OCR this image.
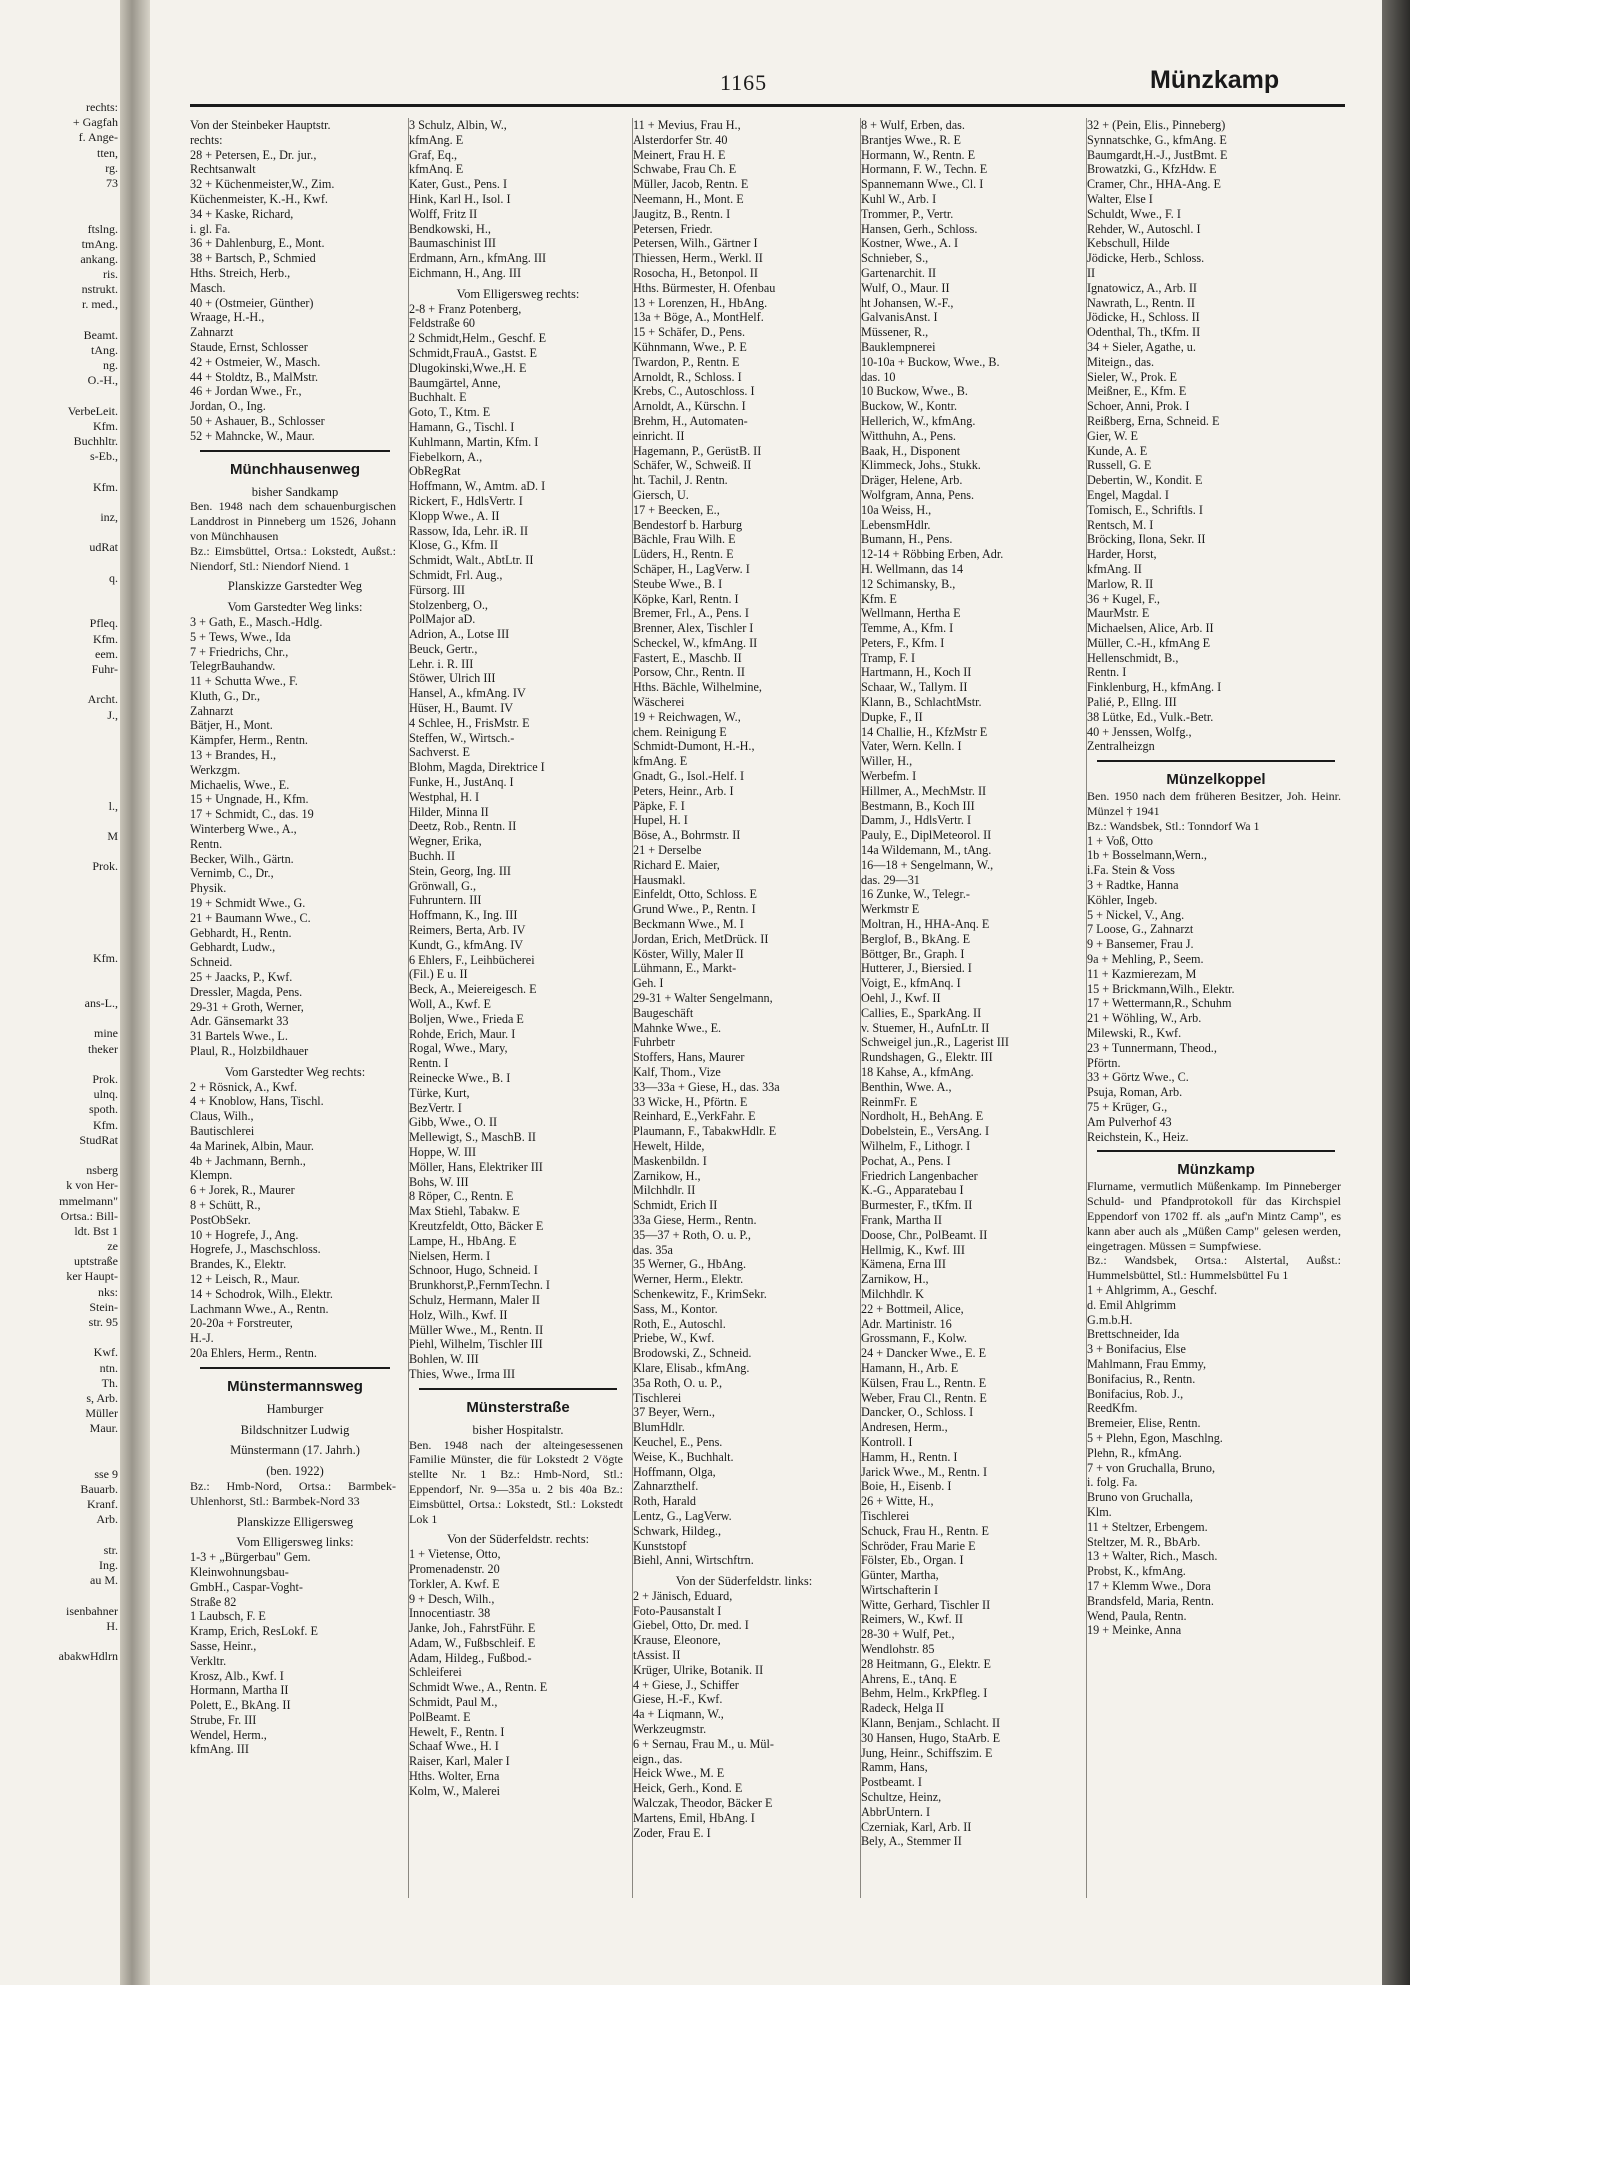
rechts:
+ Gagfah
f. Ange-
tten,
rg.
73
ftslng.
tmAng.
ankang.
ris.
nstrukt.
r. med.,
Beamt.
tAng.
ng.
O.-H.,
VerbeLeit.
Kfm.
Buchhltr.
s-Eb.,
Kfm.
inz,
udRat
q.
Pfleq.
Kfm.
eem.
Fuhr-
Archt.
J.,
l.,
M
Prok.
Kfm.
ans-L.,
mine
theker
Prok.
ulnq.
spoth.
Kfm.
StudRat
nsberg
k von Her-
mmelmann"
Ortsa.: Bill-
ldt. Bst 1
ze
uptstraße
ker Haupt-
nks:
Stein-
str. 95
Kwf.
ntn.
Th.
s, Arb.
Müller
Maur.
sse 9
Bauarb.
Kranf.
Arb.
str.
Ing.
au M.
isenbahner
H.
abakwHdlrn
1165	Münzkamp
Von der Steinbeker Hauptstr.
rechts:
28 + Petersen, E., Dr. jur.,
Rechtsanwalt
32 + Küchenmeister,W., Zim.
Küchenmeister, K.-H., Kwf.
34 + Kaske, Richard,
i. gl. Fa.
36 + Dahlenburg, E., Mont.
38 + Bartsch, P., Schmied
Hths. Streich, Herb.,
Masch.
40 + (Ostmeier, Günther)
Wraage, H.-H.,
Zahnarzt
Staude, Ernst, Schlosser
42 + Ostmeier, W., Masch.
44 + Stoldtz, B., MalMstr.
46 + Jordan Wwe., Fr.,
Jordan, O., Ing.
50 + Ashauer, B., Schlosser
52 + Mahncke, W., Maur.
Münchhausenweg
bisher Sandkamp
Ben. 1948 nach dem schauenburgischen Landdrost in Pinneberg um 1526, Johann von Münchhausen
Bz.: Eimsbüttel, Ortsa.: Lokstedt, Außst.: Niendorf, Stl.: Niendorf Niend. 1
Planskizze Garstedter Weg
Vom Garstedter Weg links:
3 + Gath, E., Masch.-Hdlg.
5 + Tews, Wwe., Ida
7 + Friedrichs, Chr.,
TelegrBauhandw.
11 + Schutta Wwe., F.
Kluth, G., Dr.,
Zahnarzt
Bätjer, H., Mont.
Kämpfer, Herm., Rentn.
13 + Brandes, H.,
Werkzgm.
Michaelis, Wwe., E.
15 + Ungnade, H., Kfm.
17 + Schmidt, C., das. 19
Winterberg Wwe., A.,
Rentn.
Becker, Wilh., Gärtn.
Vernimb, C., Dr.,
Physik.
19 + Schmidt Wwe., G.
21 + Baumann Wwe., C.
Gebhardt, H., Rentn.
Gebhardt, Ludw.,
Schneid.
25 + Jaacks, P., Kwf.
Dressler, Magda, Pens.
29-31 + Groth, Werner,
Adr. Gänsemarkt 33
31 Bartels Wwe., L.
Plaul, R., Holzbildhauer
Vom Garstedter Weg rechts:
2 + Rösnick, A., Kwf.
4 + Knoblow, Hans, Tischl.
Claus, Wilh.,
Bautischlerei
4a Marinek, Albin, Maur.
4b + Jachmann, Bernh.,
Klempn.
6 + Jorek, R., Maurer
8 + Schütt, R.,
PostObSekr.
10 + Hogrefe, J., Ang.
Hogrefe, J., Maschschloss.
Brandes, K., Elektr.
12 + Leisch, R., Maur.
14 + Schodrok, Wilh., Elektr.
Lachmann Wwe., A., Rentn.
20-20a + Forstreuter,
H.-J.
20a Ehlers, Herm., Rentn.
Münstermannsweg
Hamburger
Bildschnitzer Ludwig
Münstermann (17. Jahrh.)
(ben. 1922)
Bz.: Hmb-Nord, Ortsa.: Barmbek-Uhlenhorst, Stl.: Barmbek-Nord 33
Planskizze Elligersweg
Vom Elligersweg links:
1-3 + „Bürgerbau" Gem.
Kleinwohnungsbau-
GmbH., Caspar-Voght-
Straße 82
1 Laubsch, F. E
Kramp, Erich, ResLokf. E
Sasse, Heinr.,
Verkltr.
Krosz, Alb., Kwf. I
Hormann, Martha II
Polett, E., BkAng. II
Strube, Fr. III
Wendel, Herm.,
kfmAng. III
3 Schulz, Albin, W.,
kfmAng. E
Graf, Eq.,
kfmAnq. E
Kater, Gust., Pens. I
Hink, Karl H., Isol. I
Wolff, Fritz II
Bendkowski, H.,
Baumaschinist III
Erdmann, Arn., kfmAng. III
Eichmann, H., Ang. III
Vom Elligersweg rechts:
2-8 + Franz Potenberg,
Feldstraße 60
2 Schmidt,Helm., Geschf. E
Schmidt,FrauA., Gastst. E
Dlugokinski,Wwe.,H. E
Baumgärtel, Anne,
Buchhalt. E
Goto, T., Ktm. E
Hamann, G., Tischl. I
Kuhlmann, Martin, Kfm. I
Fiebelkorn, A.,
ObRegRat
Hoffmann, W., Amtm. aD. I
Rickert, F., HdlsVertr. I
Klopp Wwe., A. II
Rassow, Ida, Lehr. iR. II
Klose, G., Kfm. II
Schmidt, Walt., AbtLtr. II
Schmidt, Frl. Aug.,
Fürsorg. III
Stolzenberg, O.,
PolMajor aD.
Adrion, A., Lotse III
Beuck, Gertr.,
Lehr. i. R. III
Stöwer, Ulrich III
Hansel, A., kfmAng. IV
Hüser, H., Baumt. IV
4 Schlee, H., FrisMstr. E
Steffen, W., Wirtsch.-
Sachverst. E
Blohm, Magda, Direktrice I
Funke, H., JustAnq. I
Westphal, H. I
Hilder, Minna II
Deetz, Rob., Rentn. II
Wegner, Erika,
Buchh. II
Stein, Georg, Ing. III
Grönwall, G.,
Fuhruntern. III
Hoffmann, K., Ing. III
Reimers, Berta, Arb. IV
Kundt, G., kfmAng. IV
6 Ehlers, F., Leihbücherei
(Fil.) E u. II
Beck, A., Meiereigesch. E
Woll, A., Kwf. E
Boljen, Wwe., Frieda E
Rohde, Erich, Maur. I
Rogal, Wwe., Mary,
Rentn. I
Reinecke Wwe., B. I
Türke, Kurt,
BezVertr. I
Gibb, Wwe., O. II
Mellewigt, S., MaschB. II
Hoppe, W. III
Möller, Hans, Elektriker III
Bohs, W. III
8 Röper, C., Rentn. E
Max Stiehl, Tabakw. E
Kreutzfeldt, Otto, Bäcker E
Lampe, H., HbAng. E
Nielsen, Herm. I
Schnoor, Hugo, Schneid. I
Brunkhorst,P.,FernmTechn. I
Schulz, Hermann, Maler II
Holz, Wilh., Kwf. II
Müller Wwe., M., Rentn. II
Piehl, Wilhelm, Tischler III
Bohlen, W. III
Thies, Wwe., Irma III
Münsterstraße
bisher Hospitalstr.
Ben. 1948 nach der alteingesessenen Familie Münster, die für Lokstedt 2 Vögte stellte Nr. 1 Bz.: Hmb-Nord, Stl.: Eppendorf, Nr. 9—35a u. 2 bis 40a Bz.: Eimsbüttel, Ortsa.: Lokstedt, Stl.: Lokstedt Lok 1
Von der Süderfeldstr. rechts:
1 + Vietense, Otto,
Promenadenstr. 20
Torkler, A. Kwf. E
9 + Desch, Wilh.,
Innocentiastr. 38
Janke, Joh., FahrstFühr. E
Adam, W., Fußbschleif. E
Adam, Hildeg., Fußbod.-
Schleiferei
Schmidt Wwe., A., Rentn. E
Schmidt, Paul M.,
PolBeamt. E
Hewelt, F., Rentn. I
Schaaf Wwe., H. I
Raiser, Karl, Maler I
Hths. Wolter, Erna
Kolm, W., Malerei
11 + Mevius, Frau H.,
Alsterdorfer Str. 40
Meinert, Frau H. E
Schwabe, Frau Ch. E
Müller, Jacob, Rentn. E
Neemann, H., Mont. E
Jaugitz, B., Rentn. I
Petersen, Friedr.
Petersen, Wilh., Gärtner I
Thiessen, Herm., Werkl. II
Rosocha, H., Betonpol. II
Hths. Bürmester, H. Ofenbau
13 + Lorenzen, H., HbAng.
13a + Böge, A., MontHelf.
15 + Schäfer, D., Pens.
Kühnmann, Wwe., P. E
Twardon, P., Rentn. E
Arnoldt, R., Schloss. I
Krebs, C., Autoschloss. I
Arnoldt, A., Kürschn. I
Brehm, H., Automaten-
einricht. II
Hagemann, P., GerüstB. II
Schäfer, W., Schweiß. II
ht. Tachil, J. Rentn.
Giersch, U.
17 + Beecken, E.,
Bendestorf b. Harburg
Bächle, Frau Wilh. E
Lüders, H., Rentn. E
Schäper, H., LagVerw. I
Steube Wwe., B. I
Köpke, Karl, Rentn. I
Bremer, Frl., A., Pens. I
Brenner, Alex, Tischler I
Scheckel, W., kfmAng. II
Fastert, E., Maschb. II
Porsow, Chr., Rentn. II
Hths. Bächle, Wilhelmine,
Wäscherei
19 + Reichwagen, W.,
chem. Reinigung E
Schmidt-Dumont, H.-H.,
kfmAng. E
Gnadt, G., Isol.-Helf. I
Peters, Heinr., Arb. I
Päpke, F. I
Hupel, H. I
Böse, A., Bohrmstr. II
21 + Derselbe
Richard E. Maier,
Hausmakl.
Einfeldt, Otto, Schloss. E
Grund Wwe., P., Rentn. I
Beckmann Wwe., M. I
Jordan, Erich, MetDrück. II
Köster, Willy, Maler II
Lühmann, E., Markt-
Geh. I
29-31 + Walter Sengelmann,
Baugeschäft
Mahnke Wwe., E.
Fuhrbetr
Stoffers, Hans, Maurer
Kalf, Thom., Vize
33—33a + Giese, H., das. 33a
33 Wicke, H., Pförtn. E
Reinhard, E.,VerkFahr. E
Plaumann, F., TabakwHdlr. E
Hewelt, Hilde,
Maskenbildn. I
Zarnikow, H.,
Milchhdlr. II
Schmidt, Erich II
33a Giese, Herm., Rentn.
35—37 + Roth, O. u. P.,
das. 35a
35 Werner, G., HbAng.
Werner, Herm., Elektr.
Schenkewitz, F., KrimSekr.
Sass, M., Kontor.
Roth, E., Autoschl.
Priebe, W., Kwf.
Brodowski, Z., Schneid.
Klare, Elisab., kfmAng.
35a Roth, O. u. P.,
Tischlerei
37 Beyer, Wern.,
BlumHdlr.
Keuchel, E., Pens.
Weise, K., Buchhalt.
Hoffmann, Olga,
Zahnarzthelf.
Roth, Harald
Lentz, G., LagVerw.
Schwark, Hildeg.,
Kunststopf
Biehl, Anni, Wirtschftrn.
Von der Süderfeldstr. links:
2 + Jänisch, Eduard,
Foto-Pausanstalt I
Giebel, Otto, Dr. med. I
Krause, Eleonore,
tAssist. II
Krüger, Ulrike, Botanik. II
4 + Giese, J., Schiffer
Giese, H.-F., Kwf.
4a + Liqmann, W.,
Werkzeugmstr.
6 + Sernau, Frau M., u. Mül-
eign., das.
Heick Wwe., M. E
Heick, Gerh., Kond. E
Walczak, Theodor, Bäcker E
Martens, Emil, HbAng. I
Zoder, Frau E. I
8 + Wulf, Erben, das.
Brantjes Wwe., R. E
Hormann, W., Rentn. E
Hormann, F. W., Techn. E
Spannemann Wwe., Cl. I
Kuhl W., Arb. I
Trommer, P., Vertr.
Hansen, Gerh., Schloss.
Kostner, Wwe., A. I
Schnieber, S.,
Gartenarchit. II
Wulf, O., Maur. II
ht Johansen, W.-F.,
GalvanisAnst. I
Müssener, R.,
Bauklempnerei
10-10a + Buckow, Wwe., B.
das. 10
10 Buckow, Wwe., B.
Buckow, W., Kontr.
Hellerich, W., kfmAng.
Witthuhn, A., Pens.
Baak, H., Disponent
Klimmeck, Johs., Stukk.
Dräger, Helene, Arb.
Wolfgram, Anna, Pens.
10a Weiss, H.,
LebensmHdlr.
Bumann, H., Pens.
12-14 + Röbbing Erben, Adr.
H. Wellmann, das 14
12 Schimansky, B.,
Kfm. E
Wellmann, Hertha E
Temme, A., Kfm. I
Peters, F., Kfm. I
Tramp, F. I
Hartmann, H., Koch II
Schaar, W., Tallym. II
Klann, B., SchlachtMstr.
Dupke, F., II
14 Challie, H., KfzMstr E
Vater, Wern. Kelln. I
Willer, H.,
Werbefm. I
Hillmer, A., MechMstr. II
Bestmann, B., Koch III
Damm, J., HdlsVertr. I
Pauly, E., DiplMeteorol. II
14a Wildemann, M., tAng.
16—18 + Sengelmann, W.,
das. 29—31
16 Zunke, W., Telegr.-
Werkmstr E
Moltran, H., HHA-Anq. E
Berglof, B., BkAng. E
Böttger, Br., Graph. I
Hutterer, J., Biersied. I
Voigt, E., kfmAnq. I
Oehl, J., Kwf. II
Callies, E., SparkAng. II
v. Stuemer, H., AufnLtr. II
Schweigel jun.,R., Lagerist III
Rundshagen, G., Elektr. III
18 Kahse, A., kfmAng.
Benthin, Wwe. A.,
ReinmFr. E
Nordholt, H., BehAng. E
Dobelstein, E., VersAng. I
Wilhelm, F., Lithogr. I
Pochat, A., Pens. I
Friedrich Langenbacher
K.-G., Apparatebau I
Burmester, F., tKfm. II
Frank, Martha II
Doose, Chr., PolBeamt. II
Hellmig, K., Kwf. III
Kämena, Erna III
Zarnikow, H.,
Milchhdlr. K
22 + Bottmeil, Alice,
Adr. Martinistr. 16
Grossmann, F., Kolw.
24 + Dancker Wwe., E. E
Hamann, H., Arb. E
Külsen, Frau L., Rentn. E
Weber, Frau Cl., Rentn. E
Dancker, O., Schloss. I
Andresen, Herm.,
Kontroll. I
Hamm, H., Rentn. I
Jarick Wwe., M., Rentn. I
Boie, H., Eisenb. I
26 + Witte, H.,
Tischlerei
Schuck, Frau H., Rentn. E
Schröder, Frau Marie E
Fölster, Eb., Organ. I
Günter, Martha,
Wirtschafterin I
Witte, Gerhard, Tischler II
Reimers, W., Kwf. II
28-30 + Wulf, Pet.,
Wendlohstr. 85
28 Heitmann, G., Elektr. E
Ahrens, E., tAnq. E
Behm, Helm., KrkPfleg. I
Radeck, Helga II
Klann, Benjam., Schlacht. II
30 Hansen, Hugo, StaArb. E
Jung, Heinr., Schiffszim. E
Ramm, Hans,
Postbeamt. I
Schultze, Heinz,
AbbrUntern. I
Czerniak, Karl, Arb. II
Bely, A., Stemmer II
32 + (Pein, Elis., Pinneberg)
Synnatschke, G., kfmAng. E
Baumgardt,H.-J., JustBmt. E
Browatzki, G., KfzHdw. E
Cramer, Chr., HHA-Ang. E
Walter, Else I
Schuldt, Wwe., F. I
Rehder, W., Autoschl. I
Kebschull, Hilde
Jödicke, Herb., Schloss.
II
Ignatowicz, A., Arb. II
Nawrath, L., Rentn. II
Jödicke, H., Schloss. II
Odenthal, Th., tKfm. II
34 + Sieler, Agathe, u.
Miteign., das.
Sieler, W., Prok. E
Meißner, E., Kfm. E
Schoer, Anni, Prok. I
Reißberg, Erna, Schneid. E
Gier, W. E
Kunde, A. E
Russell, G. E
Debertin, W., Kondit. E
Engel, Magdal. I
Tomisch, E., Schriftls. I
Rentsch, M. I
Bröcking, Ilona, Sekr. II
Harder, Horst,
kfmAng. II
Marlow, R. II
36 + Kugel, F.,
MaurMstr. E
Michaelsen, Alice, Arb. II
Müller, C.-H., kfmAng E
Hellenschmidt, B.,
Rentn. I
Finklenburg, H., kfmAng. I
Palié, P., Ellng. III
38 Lütke, Ed., Vulk.-Betr.
40 + Jenssen, Wolfg.,
Zentralheizgn
Münzelkoppel
Ben. 1950 nach dem früheren Besitzer, Joh. Heinr. Münzel † 1941
Bz.: Wandsbek, Stl.: Tonndorf Wa 1
1 + Voß, Otto
1b + Bosselmann,Wern.,
i.Fa. Stein & Voss
3 + Radtke, Hanna
Köhler, Ingeb.
5 + Nickel, V., Ang.
7 Loose, G., Zahnarzt
9 + Bansemer, Frau J.
9a + Mehling, P., Seem.
11 + Kazmierezam, M
15 + Brickmann,Wilh., Elektr.
17 + Wettermann,R., Schuhm
21 + Wöhling, W., Arb.
Milewski, R., Kwf.
23 + Tunnermann, Theod.,
Pförtn.
33 + Görtz Wwe., C.
Psuja, Roman, Arb.
75 + Krüger, G.,
Am Pulverhof 43
Reichstein, K., Heiz.
Münzkamp
Flurname, vermutlich Müßenkamp. Im Pinneberger Schuld- und Pfandprotokoll für das Kirchspiel Eppendorf von 1702 ff. als „auf'n Mintz Camp", es kann aber auch als „Müßen Camp" gelesen werden, eingetragen. Müssen = Sumpfwiese.
Bz.: Wandsbek, Ortsa.: Alstertal, Außst.: Hummelsbüttel, Stl.: Hummelsbüttel Fu 1
1 + Ahlgrimm, A., Geschf.
d. Emil Ahlgrimm
G.m.b.H.
Brettschneider, Ida
3 + Bonifacius, Else
Mahlmann, Frau Emmy,
Bonifacius, R., Rentn.
Bonifacius, Rob. J.,
ReedKfm.
Bremeier, Elise, Rentn.
5 + Plehn, Egon, Maschlng.
Plehn, R., kfmAng.
7 + von Gruchalla, Bruno,
i. folg. Fa.
Bruno von Gruchalla,
Klm.
11 + Steltzer, Erbengem.
Steltzer, M. R., BbArb.
13 + Walter, Rich., Masch.
Probst, K., kfmAng.
17 + Klemm Wwe., Dora
Brandsfeld, Maria, Rentn.
Wend, Paula, Rentn.
19 + Meinke, Anna
